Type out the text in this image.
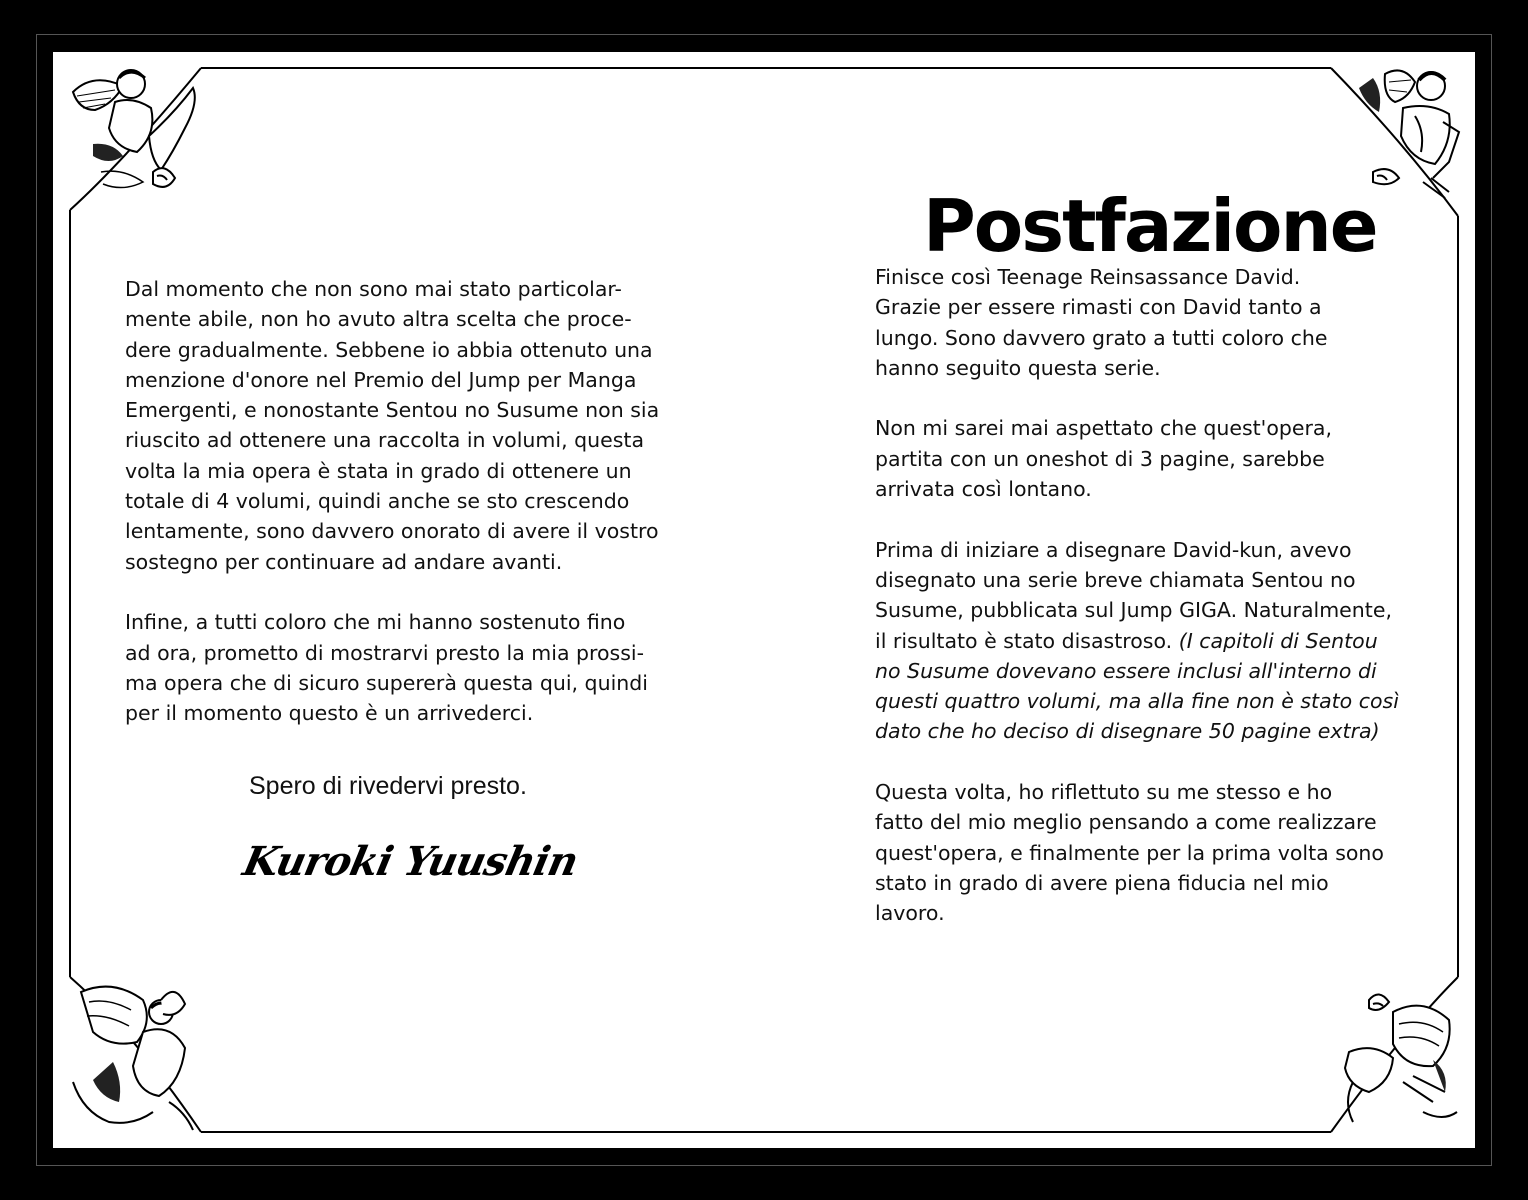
Postfazione

Dal momento che non sono mai stato particolar-

mente abile, non ho avuto altra scelta che proce-

dere gradualmente. Sebbene io abbia ottenuto una

menzione d'onore nel Premio del Jump per Manga

Emergenti, e nonostante Sentou no Susume non sia

riuscito ad ottenere una raccolta in volumi, questa

volta la mia opera è stata in grado di ottenere un

totale di 4 volumi, quindi anche se sto crescendo

lentamente, sono davvero onorato di avere il vostro

sostegno per continuare ad andare avanti.

Infine, a tutti coloro che mi hanno sostenuto fino

ad ora, prometto di mostrarvi presto la mia prossi-

ma opera che di sicuro supererà questa qui, quindi

per il momento questo è un arrivederci.

Spero di rivedervi presto.
Kuroki Yuushin

Finisce così Teenage Reinsassance David.

Grazie per essere rimasti con David tanto a

lungo. Sono davvero grato a tutti coloro che

hanno seguito questa serie.

Non mi sarei mai aspettato che quest'opera,

partita con un oneshot di 3 pagine, sarebbe

arrivata così lontano.

Prima di iniziare a disegnare David-kun, avevo

disegnato una serie breve chiamata Sentou no

Susume, pubblicata sul Jump GIGA. Naturalmente,

il risultato è stato disastroso. (I capitoli di Sentou

no Susume dovevano essere inclusi all'interno di

questi quattro volumi, ma alla fine non è stato così

dato che ho deciso di disegnare 50 pagine extra)

Questa volta, ho riflettuto su me stesso e ho

fatto del mio meglio pensando a come realizzare

quest'opera, e finalmente per la prima volta sono

stato in grado di avere piena fiducia nel mio

lavoro.
